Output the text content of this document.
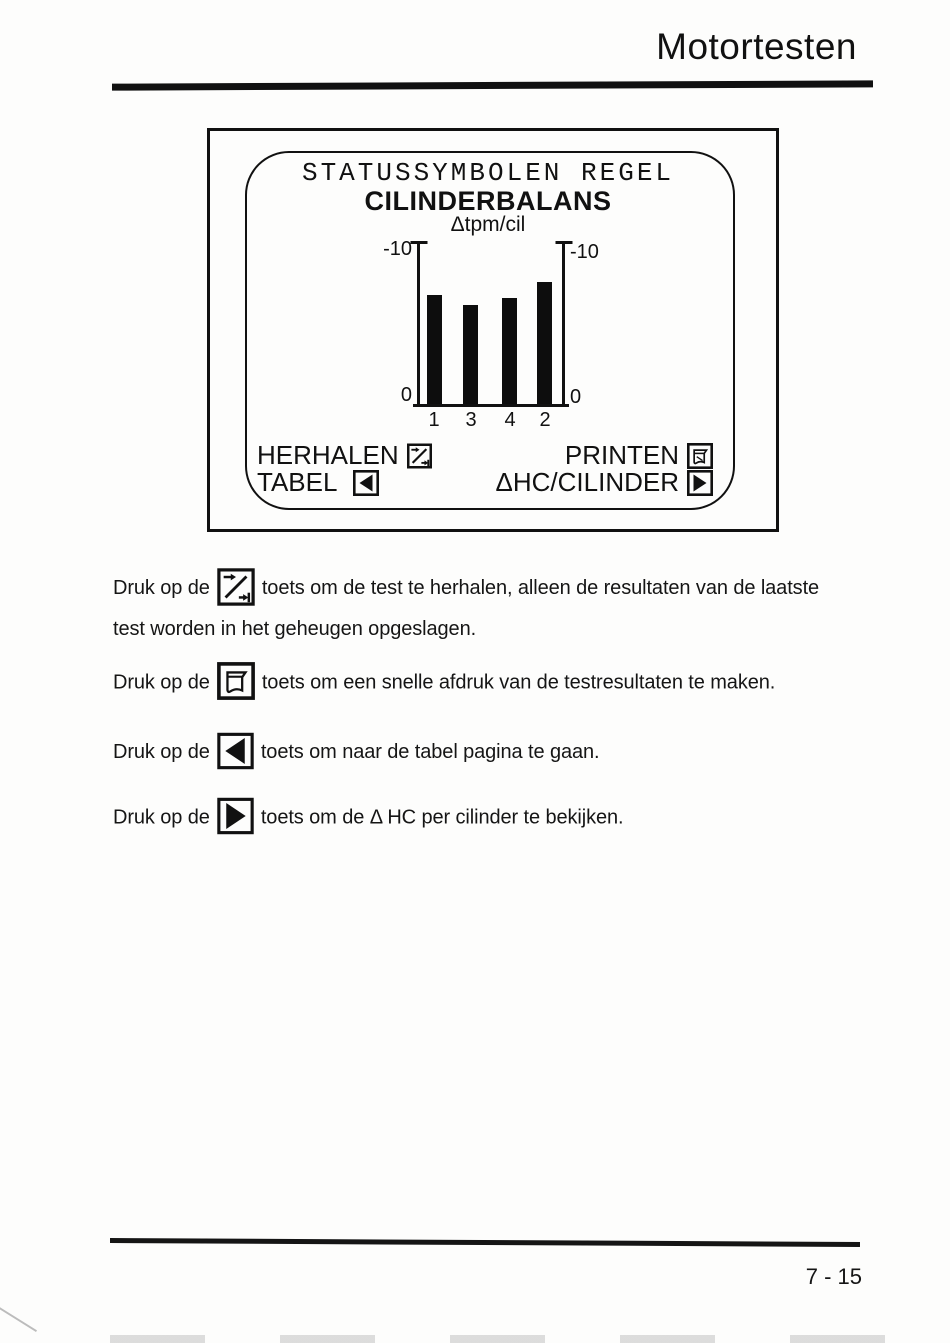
Motortesten
STATUSSYMBOLEN REGEL
CILINDERBALANS
Δtpm/cil
-10	-10
0	0
1 3 4 2
HERHALEN	PRINTEN
TABEL	ΔHC/CILINDER
Druk op de	toets om de test te herhalen, alleen de resultaten van de laatste
test worden in het geheugen opgeslagen.
Druk op de	toets om een snelle afdruk van de testresultaten te maken.
Druk op de	toets om naar de tabel pagina te gaan.
Druk op de	toets om de Δ HC per cilinder te bekijken.
7 - 15
